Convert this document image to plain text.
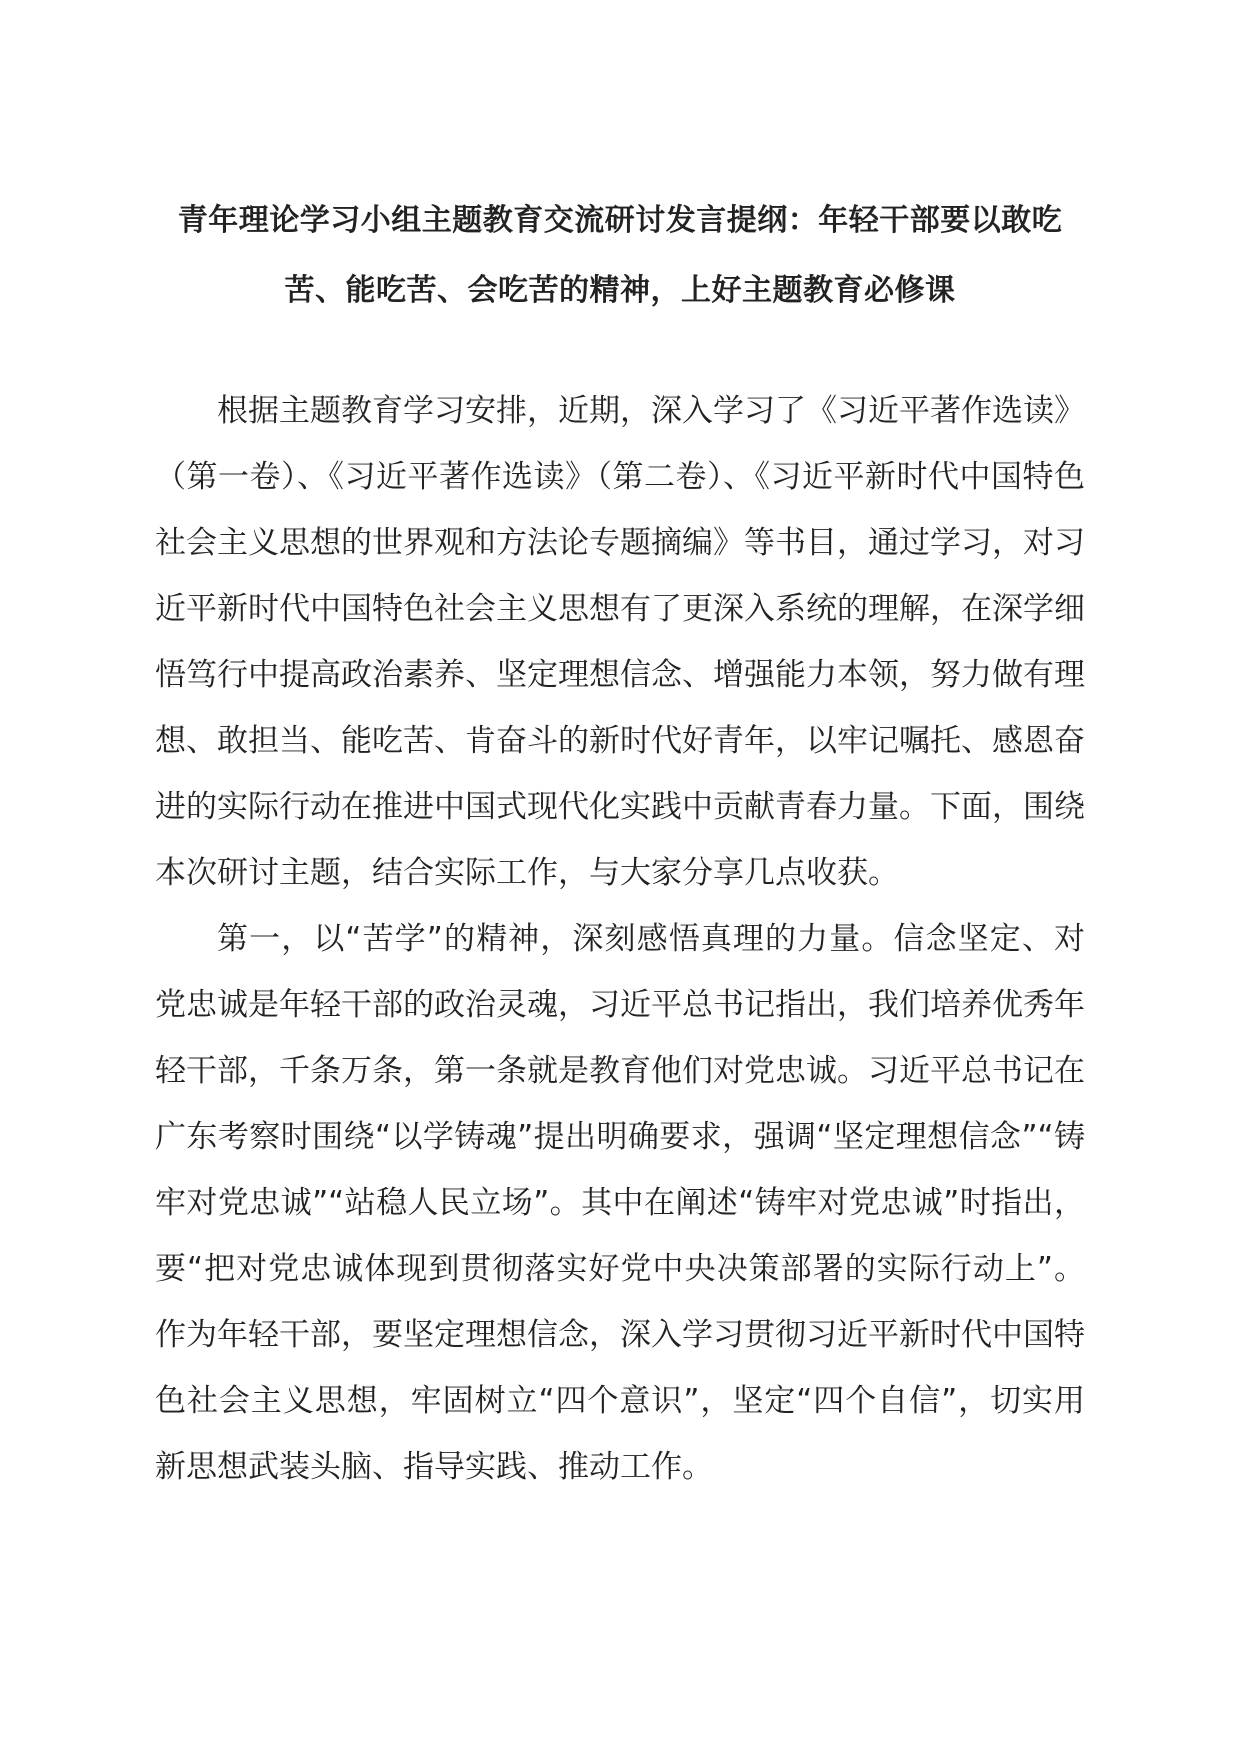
青年理论学习小组主题教育交流研讨发言提纲：年轻干部要以敢吃苦、能吃苦、会吃苦的精神，上好主题教育必修课

根据主题教育学习安排，近期，深入学习了《习近平著作选读》（第一卷）、《习近平著作选读》（第二卷）、《习近平新时代中国特色社会主义思想的世界观和方法论专题摘编》等书目，通过学习，对习近平新时代中国特色社会主义思想有了更深入系统的理解，在深学细悟笃行中提高政治素养、坚定理想信念、增强能力本领，努力做有理想、敢担当、能吃苦、肯奋斗的新时代好青年，以牢记嘱托、感恩奋进的实际行动在推进中国式现代化实践中贡献青春力量。下面，围绕本次研讨主题，结合实际工作，与大家分享几点收获。

第一，以“苦学”的精神，深刻感悟真理的力量。信念坚定、对党忠诚是年轻干部的政治灵魂，习近平总书记指出，我们培养优秀年轻干部，千条万条，第一条就是教育他们对党忠诚。习近平总书记在广东考察时围绕“以学铸魂”提出明确要求，强调“坚定理想信念”“铸牢对党忠诚”“站稳人民立场”。其中在阐述“铸牢对党忠诚”时指出，要“把对党忠诚体现到贯彻落实好党中央决策部署的实际行动上”。作为年轻干部，要坚定理想信念，深入学习贯彻习近平新时代中国特色社会主义思想，牢固树立“四个意识”，坚定“四个自信”，切实用新思想武装头脑、指导实践、推动工作。
